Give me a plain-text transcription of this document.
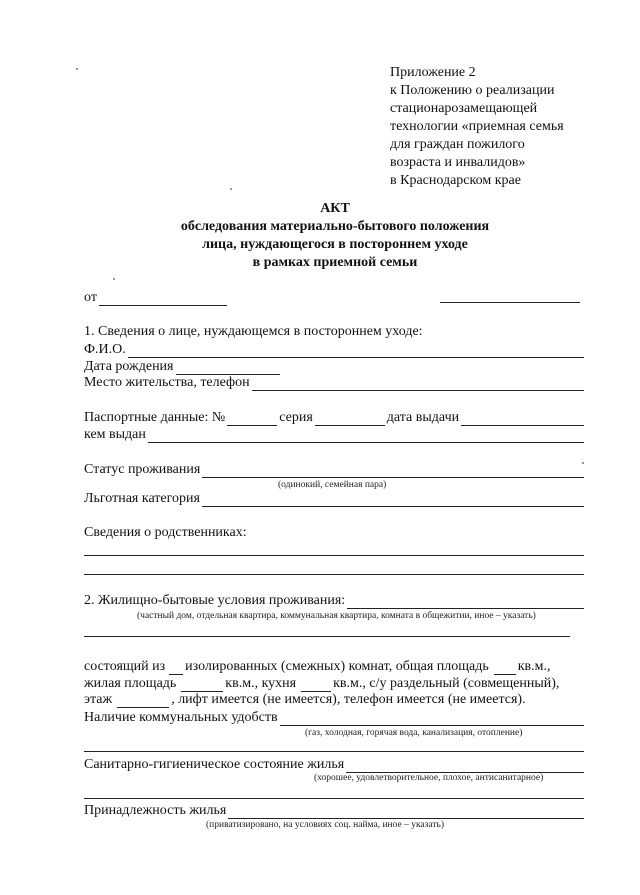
Приложение 2
к Положению о реализации
стационарозамещающей
технологии «приемная семья
для граждан пожилого
возраста и инвалидов»
в Краснодарском крае
АКТ
обследования материально-бытового положения
лица, нуждающегося в постороннем уходе
в рамках приемной семьи
от
1. Сведения о лице, нуждающемся в постороннем уходе:
Ф.И.О.
Дата рождения
Место жительства, телефон
Паспортные данные: №	серия	дата выдачи
кем выдан
Статус проживания
(одинокий, семейная пара)
Льготная категория
Сведения о родственниках:
2. Жилищно-бытовые условия проживания:
(частный дом, отдельная квартира, коммунальная квартира, комната в общежитии, иное – указать)
состоящий из изолированных (смежных) комнат, общая площадь кв.м.,
жилая площадь	кв.м., кухня	кв.м., с/у раздельный (совмещенный),
этаж	, лифт имеется (не имеется), телефон имеется (не имеется).
Наличие коммунальных удобств
(газ, холодная, горячая вода, канализация, отопление)
Санитарно-гигиеническое состояние жилья
(хорошее, удовлетворительное, плохое, антисанитарное)
Принадлежность жилья
(приватизировано, на условиях соц. найма, иное – указать)
